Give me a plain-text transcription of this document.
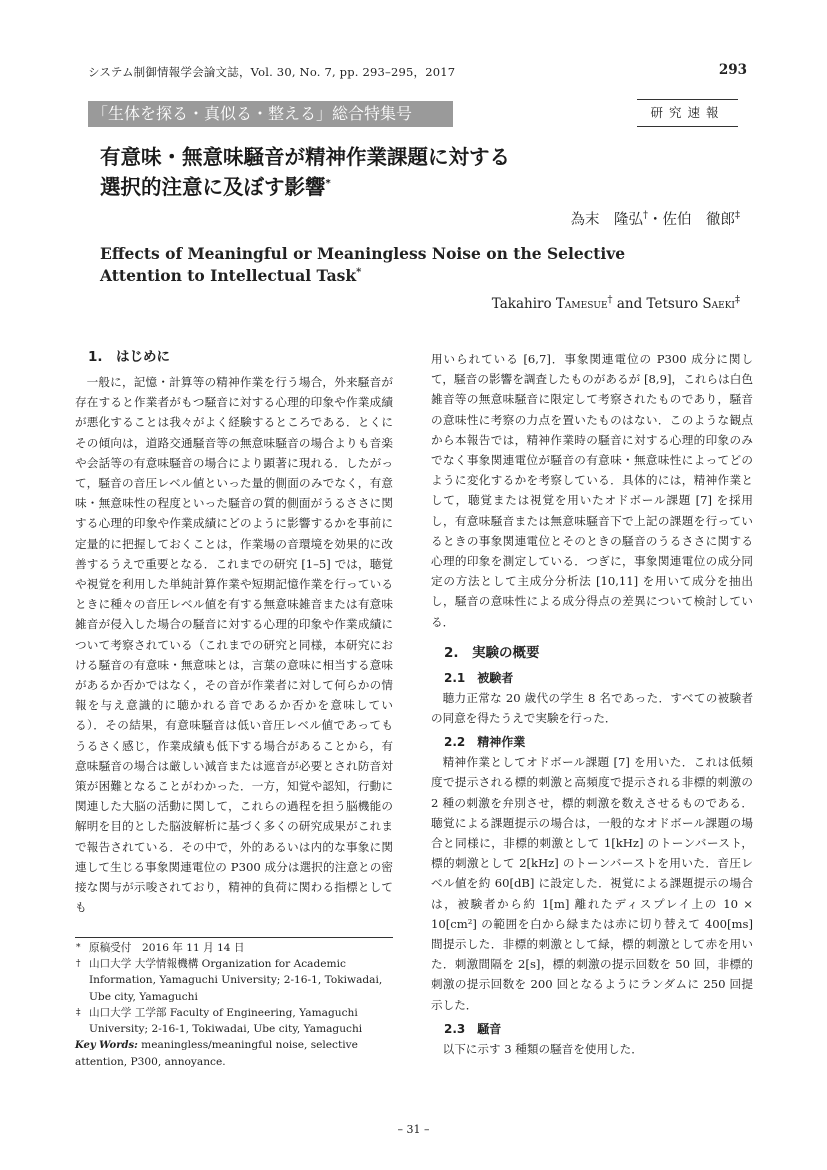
システム制御情報学会論文誌，Vol. 30, No. 7, pp. 293–295，2017	293
「生体を探る・真似る・整える」総合特集号	研究速報
有意味・無意味騒音が精神作業課題に対する
選択的注意に及ぼす影響*
為末　隆弘†・佐伯　徹郎‡
Effects of Meaningful or Meaningless Noise on the Selective
Attention to Intellectual Task*
Takahiro Tamesue† and Tetsuro Saeki‡
1.　はじめに

一般に，記憶・計算等の精神作業を行う場合，外来騒音が存在すると作業者がもつ騒音に対する心理的印象や作業成績が悪化することは我々がよく経験するところである．とくにその傾向は，道路交通騒音等の無意味騒音の場合よりも音楽や会話等の有意味騒音の場合により顕著に現れる．したがって，騒音の音圧レベル値といった量的側面のみでなく，有意味・無意味性の程度といった騒音の質的側面がうるささに関する心理的印象や作業成績にどのように影響するかを事前に定量的に把握しておくことは，作業場の音環境を効果的に改善するうえで重要となる．これまでの研究 [1–5] では，聴覚や視覚を利用した単純計算作業や短期記憶作業を行っているときに種々の音圧レベル値を有する無意味雑音または有意味雑音が侵入した場合の騒音に対する心理的印象や作業成績について考察されている（これまでの研究と同様，本研究における騒音の有意味・無意味とは，言葉の意味に相当する意味があるか否かではなく，その音が作業者に対して何らかの情報を与え意識的に聴かれる音であるか否かを意味している）．その結果，有意味騒音は低い音圧レベル値であってもうるさく感じ，作業成績も低下する場合があることから，有意味騒音の場合は厳しい減音または遮音が必要とされ防音対策が困難となることがわかった．一方，知覚や認知，行動に関連した大脳の活動に関して，これらの過程を担う脳機能の解明を目的とした脳波解析に基づく多くの研究成果がこれまで報告されている．その中で，外的あるいは内的な事象に関連して生じる事象関連電位の P300 成分は選択的注意との密接な関与が示唆されており，精神的負荷に関わる指標としても

用いられている [6,7]．事象関連電位の P300 成分に関して，騒音の影響を調査したものがあるが [8,9]，これらは白色雑音等の無意味騒音に限定して考察されたものであり，騒音の意味性に考察の力点を置いたものはない．このような観点から本報告では，精神作業時の騒音に対する心理的印象のみでなく事象関連電位が騒音の有意味・無意味性によってどのように変化するかを考察している．具体的には，精神作業として，聴覚または視覚を用いたオドボール課題 [7] を採用し，有意味騒音または無意味騒音下で上記の課題を行っているときの事象関連電位とそのときの騒音のうるささに関する心理的印象を測定している．つぎに，事象関連電位の成分同定の方法として主成分分析法 [10,11] を用いて成分を抽出し，騒音の意味性による成分得点の差異について検討している．

2.　実験の概要
2.1　被験者

聴力正常な 20 歳代の学生 8 名であった．すべての被験者の同意を得たうえで実験を行った．

2.2　精神作業

精神作業としてオドボール課題 [7] を用いた．これは低頻度で提示される標的刺激と高頻度で提示される非標的刺激の 2 種の刺激を弁別させ，標的刺激を数えさせるものである．聴覚による課題提示の場合は，一般的なオドボール課題の場合と同様に，非標的刺激として 1[kHz] のトーンバースト，標的刺激として 2[kHz] のトーンバーストを用いた．音圧レベル値を約 60[dB] に設定した．視覚による課題提示の場合は，被験者から約 1[m] 離れたディスプレイ上の 10 × 10[cm²] の範囲を白から緑または赤に切り替えて 400[ms] 間提示した．非標的刺激として緑，標的刺激として赤を用いた．刺激間隔を 2[s]，標的刺激の提示回数を 50 回，非標的刺激の提示回数を 200 回となるようにランダムに 250 回提示した．

2.3　騒音

以下に示す 3 種類の騒音を使用した．

* 原稿受付　2016 年 11 月 14 日
† 山口大学 大学情報機構 Organization for Academic Information, Yamaguchi University; 2-16-1, Tokiwadai, Ube city, Yamaguchi
‡ 山口大学 工学部 Faculty of Engineering, Yamaguchi University; 2-16-1, Tokiwadai, Ube city, Yamaguchi
Key Words: meaningless/meaningful noise, selective attention, P300, annoyance.
– 31 –
